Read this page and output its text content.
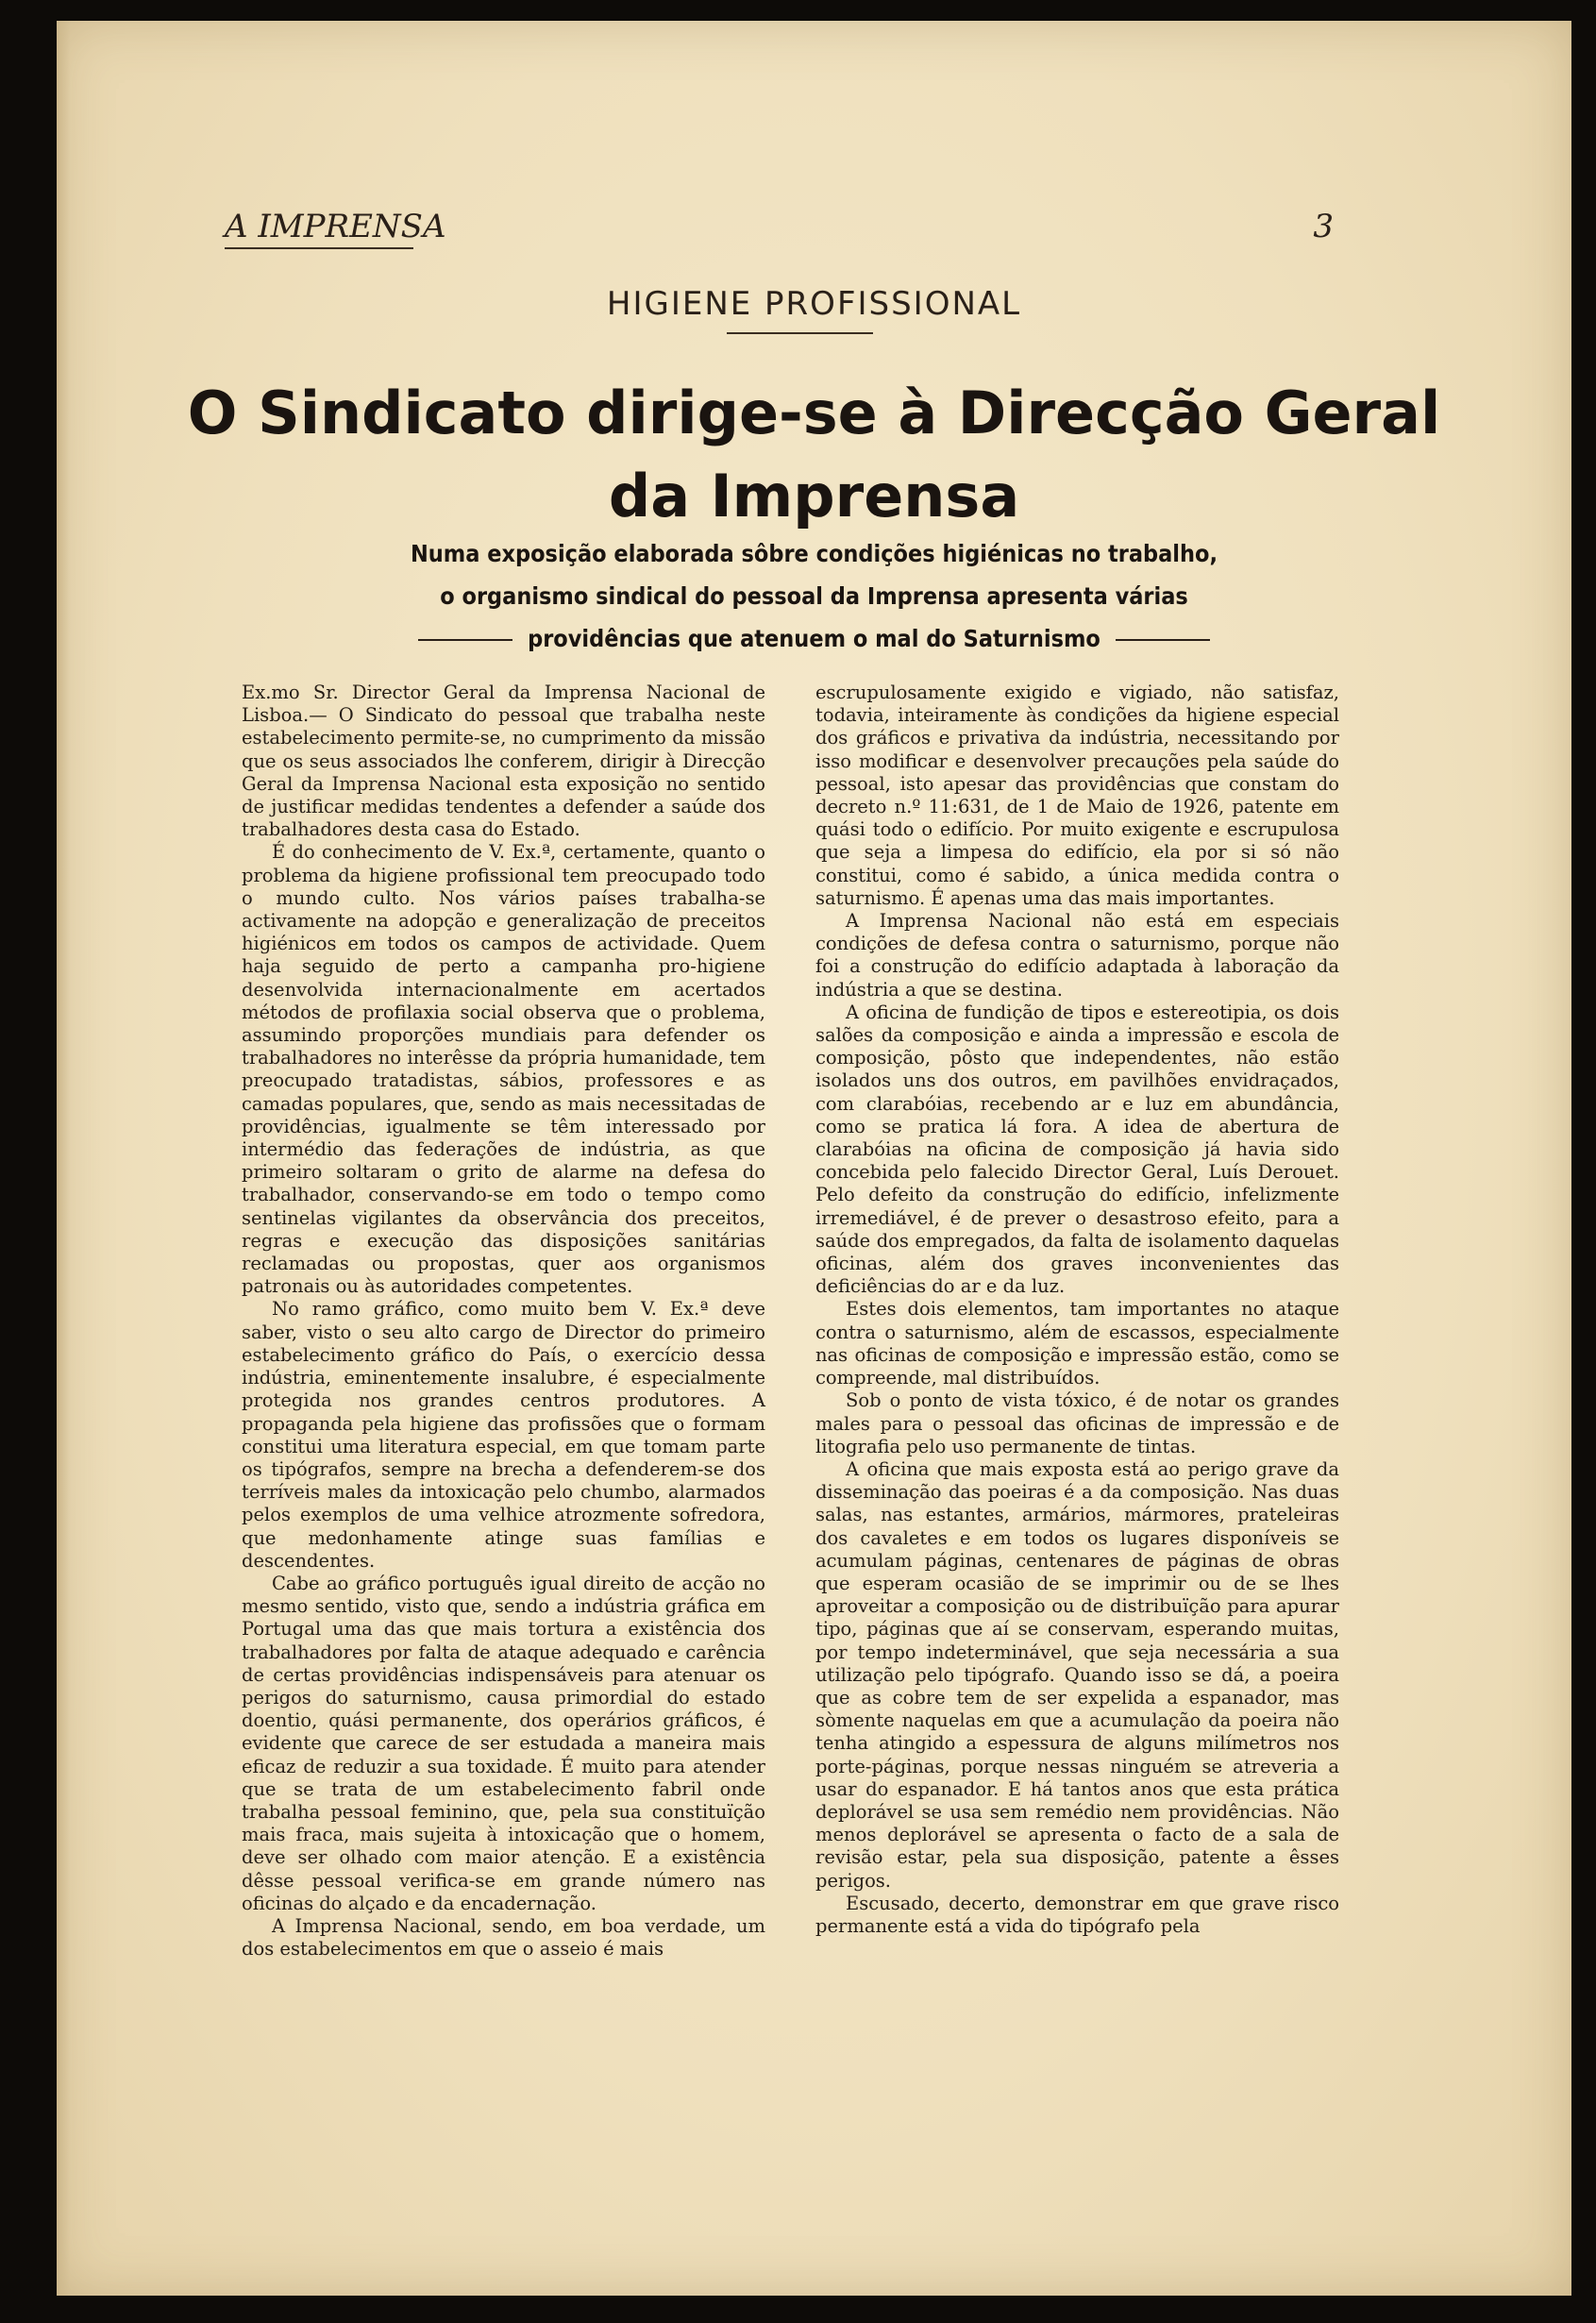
A IMPRENSA	3
HIGIENE PROFISSIONAL
O Sindicato dirige-se à Direcção Geral da Imprensa
Numa exposição elaborada sôbre condições higiénicas no trabalho,
o organismo sindical do pessoal da Imprensa apresenta várias
providências que atenuem o mal do Saturnismo

Ex.mo Sr. Director Geral da Imprensa Nacional de Lisboa.— O Sindicato do pessoal que trabalha neste estabelecimento permite-se, no cumprimento da missão que os seus associados lhe conferem, dirigir à Direcção Geral da Imprensa Nacional esta exposição no sentido de justificar medidas tendentes a defender a saúde dos trabalhadores desta casa do Estado.

É do conhecimento de V. Ex.ª, certamente, quanto o problema da higiene profissional tem preocupado todo o mundo culto. Nos vários países trabalha-se activamente na adopção e generalização de preceitos higiénicos em todos os campos de actividade. Quem haja seguido de perto a campanha pro-higiene desenvolvida internacionalmente em acertados métodos de profilaxia social observa que o problema, assumindo proporções mundiais para defender os trabalhadores no interêsse da própria humanidade, tem preocupado tratadistas, sábios, professores e as camadas populares, que, sendo as mais necessitadas de providências, igualmente se têm interessado por intermédio das federações de indústria, as que primeiro soltaram o grito de alarme na defesa do trabalhador, conservando-se em todo o tempo como sentinelas vigilantes da observância dos preceitos, regras e execução das disposições sanitárias reclamadas ou propostas, quer aos organismos patronais ou às autoridades competentes.

No ramo gráfico, como muito bem V. Ex.ª deve saber, visto o seu alto cargo de Director do primeiro estabelecimento gráfico do País, o exercício dessa indústria, eminentemente insalubre, é especialmente protegida nos grandes centros produtores. A propaganda pela higiene das profissões que o formam constitui uma literatura especial, em que tomam parte os tipógrafos, sempre na brecha a defenderem-se dos terríveis males da intoxicação pelo chumbo, alarmados pelos exemplos de uma velhice atrozmente sofredora, que medonhamente atinge suas famílias e descendentes.

Cabe ao gráfico português igual direito de acção no mesmo sentido, visto que, sendo a indústria gráfica em Portugal uma das que mais tortura a existência dos trabalhadores por falta de ataque adequado e carência de certas providências indispensáveis para atenuar os perigos do saturnismo, causa primordial do estado doentio, quási permanente, dos operários gráficos, é evidente que carece de ser estudada a maneira mais eficaz de reduzir a sua toxidade. É muito para atender que se trata de um estabelecimento fabril onde trabalha pessoal feminino, que, pela sua constituïção mais fraca, mais sujeita à intoxicação que o homem, deve ser olhado com maior atenção. E a existência dêsse pessoal verifica-se em grande número nas oficinas do alçado e da encadernação.

A Imprensa Nacional, sendo, em boa verdade, um dos estabelecimentos em que o asseio é mais

escrupulosamente exigido e vigiado, não satisfaz, todavia, inteiramente às condições da higiene especial dos gráficos e privativa da indústria, necessitando por isso modificar e desenvolver precauções pela saúde do pessoal, isto apesar das providências que constam do decreto n.º 11:631, de 1 de Maio de 1926, patente em quási todo o edifício. Por muito exigente e escrupulosa que seja a limpesa do edifício, ela por si só não constitui, como é sabido, a única medida contra o saturnismo. É apenas uma das mais importantes.

A Imprensa Nacional não está em especiais condições de defesa contra o saturnismo, porque não foi a construção do edifício adaptada à laboração da indústria a que se destina.

A oficina de fundição de tipos e estereotipia, os dois salões da composição e ainda a impressão e escola de composição, pôsto que independentes, não estão isolados uns dos outros, em pavilhões envidraçados, com clarabóias, recebendo ar e luz em abundância, como se pratica lá fora. A idea de abertura de clarabóias na oficina de composição já havia sido concebida pelo falecido Director Geral, Luís Derouet. Pelo defeito da construção do edifício, infelizmente irremediável, é de prever o desastroso efeito, para a saúde dos empregados, da falta de isolamento daquelas oficinas, além dos graves inconvenientes das deficiências do ar e da luz.

Estes dois elementos, tam importantes no ataque contra o saturnismo, além de escassos, especialmente nas oficinas de composição e impressão estão, como se compreende, mal distribuídos.

Sob o ponto de vista tóxico, é de notar os grandes males para o pessoal das oficinas de impressão e de litografia pelo uso permanente de tintas.

A oficina que mais exposta está ao perigo grave da disseminação das poeiras é a da composição. Nas duas salas, nas estantes, armários, mármores, prateleiras dos cavaletes e em todos os lugares disponíveis se acumulam páginas, centenares de páginas de obras que esperam ocasião de se imprimir ou de se lhes aproveitar a composição ou de distribuïção para apurar tipo, páginas que aí se conservam, esperando muitas, por tempo indeterminável, que seja necessária a sua utilização pelo tipógrafo. Quando isso se dá, a poeira que as cobre tem de ser expelida a espanador, mas sòmente naquelas em que a acumulação da poeira não tenha atingido a espessura de alguns milímetros nos porte-páginas, porque nessas ninguém se atreveria a usar do espanador. E há tantos anos que esta prática deplorável se usa sem remédio nem providências. Não menos deplorável se apresenta o facto de a sala de revisão estar, pela sua disposição, patente a êsses perigos.

Escusado, decerto, demonstrar em que grave risco permanente está a vida do tipógrafo pela
